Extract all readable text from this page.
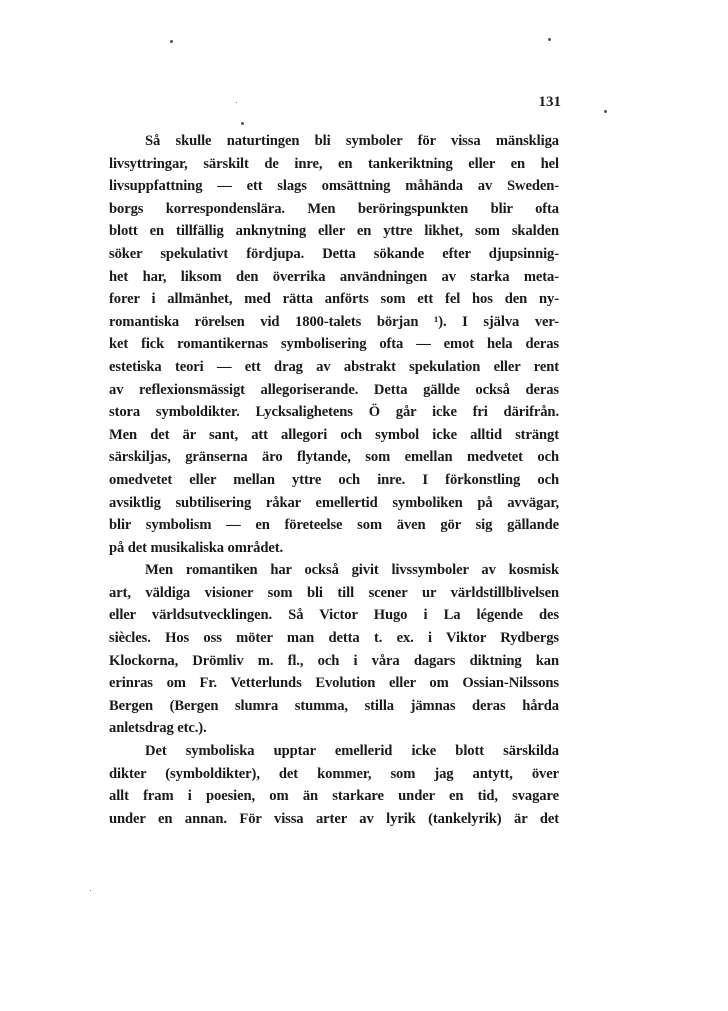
131

Så skulle naturtingen bli symboler för vissa mänskliga
livsyttringar, särskilt de inre, en tankeriktning eller en hel
livsuppfattning — ett slags omsättning måhända av Sweden-
borgs korrespondenslära. Men beröringspunkten blir ofta
blott en tillfällig anknytning eller en yttre likhet, som skalden
söker spekulativt fördjupa. Detta sökande efter djupsinnig-
het har, liksom den överrika användningen av starka meta-
forer i allmänhet, med rätta anförts som ett fel hos den ny-
romantiska rörelsen vid 1800-talets början ¹). I själva ver-
ket fick romantikernas symbolisering ofta — emot hela deras
estetiska teori — ett drag av abstrakt spekulation eller rent
av reflexionsmässigt allegoriserande. Detta gällde också deras
stora symboldikter. Lycksalighetens Ö går icke fri därifrån.
Men det är sant, att allegori och symbol icke alltid strängt
särskiljas, gränserna äro flytande, som emellan medvetet och
omedvetet eller mellan yttre och inre. I förkonstling och
avsiktlig subtilisering råkar emellertid symboliken på avvägar,
blir symbolism — en företeelse som även gör sig gällande
på det musikaliska området.

Men romantiken har också givit livssymboler av kosmisk
art, väldiga visioner som bli till scener ur världstillblivelsen
eller världsutvecklingen. Så Victor Hugo i La légende des
siècles. Hos oss möter man detta t. ex. i Viktor Rydbergs
Klockorna, Drömliv m. fl., och i våra dagars diktning kan
erinras om Fr. Vetterlunds Evolution eller om Ossian-Nilssons
Bergen (Bergen slumra stumma, stilla jämnas deras hårda
anletsdrag etc.).

Det symboliska upptar emellerid icke blott särskilda
dikter (symboldikter), det kommer, som jag antytt, över
allt fram i poesien, om än starkare under en tid, svagare
under en annan. För vissa arter av lyrik (tankelyrik) är det
